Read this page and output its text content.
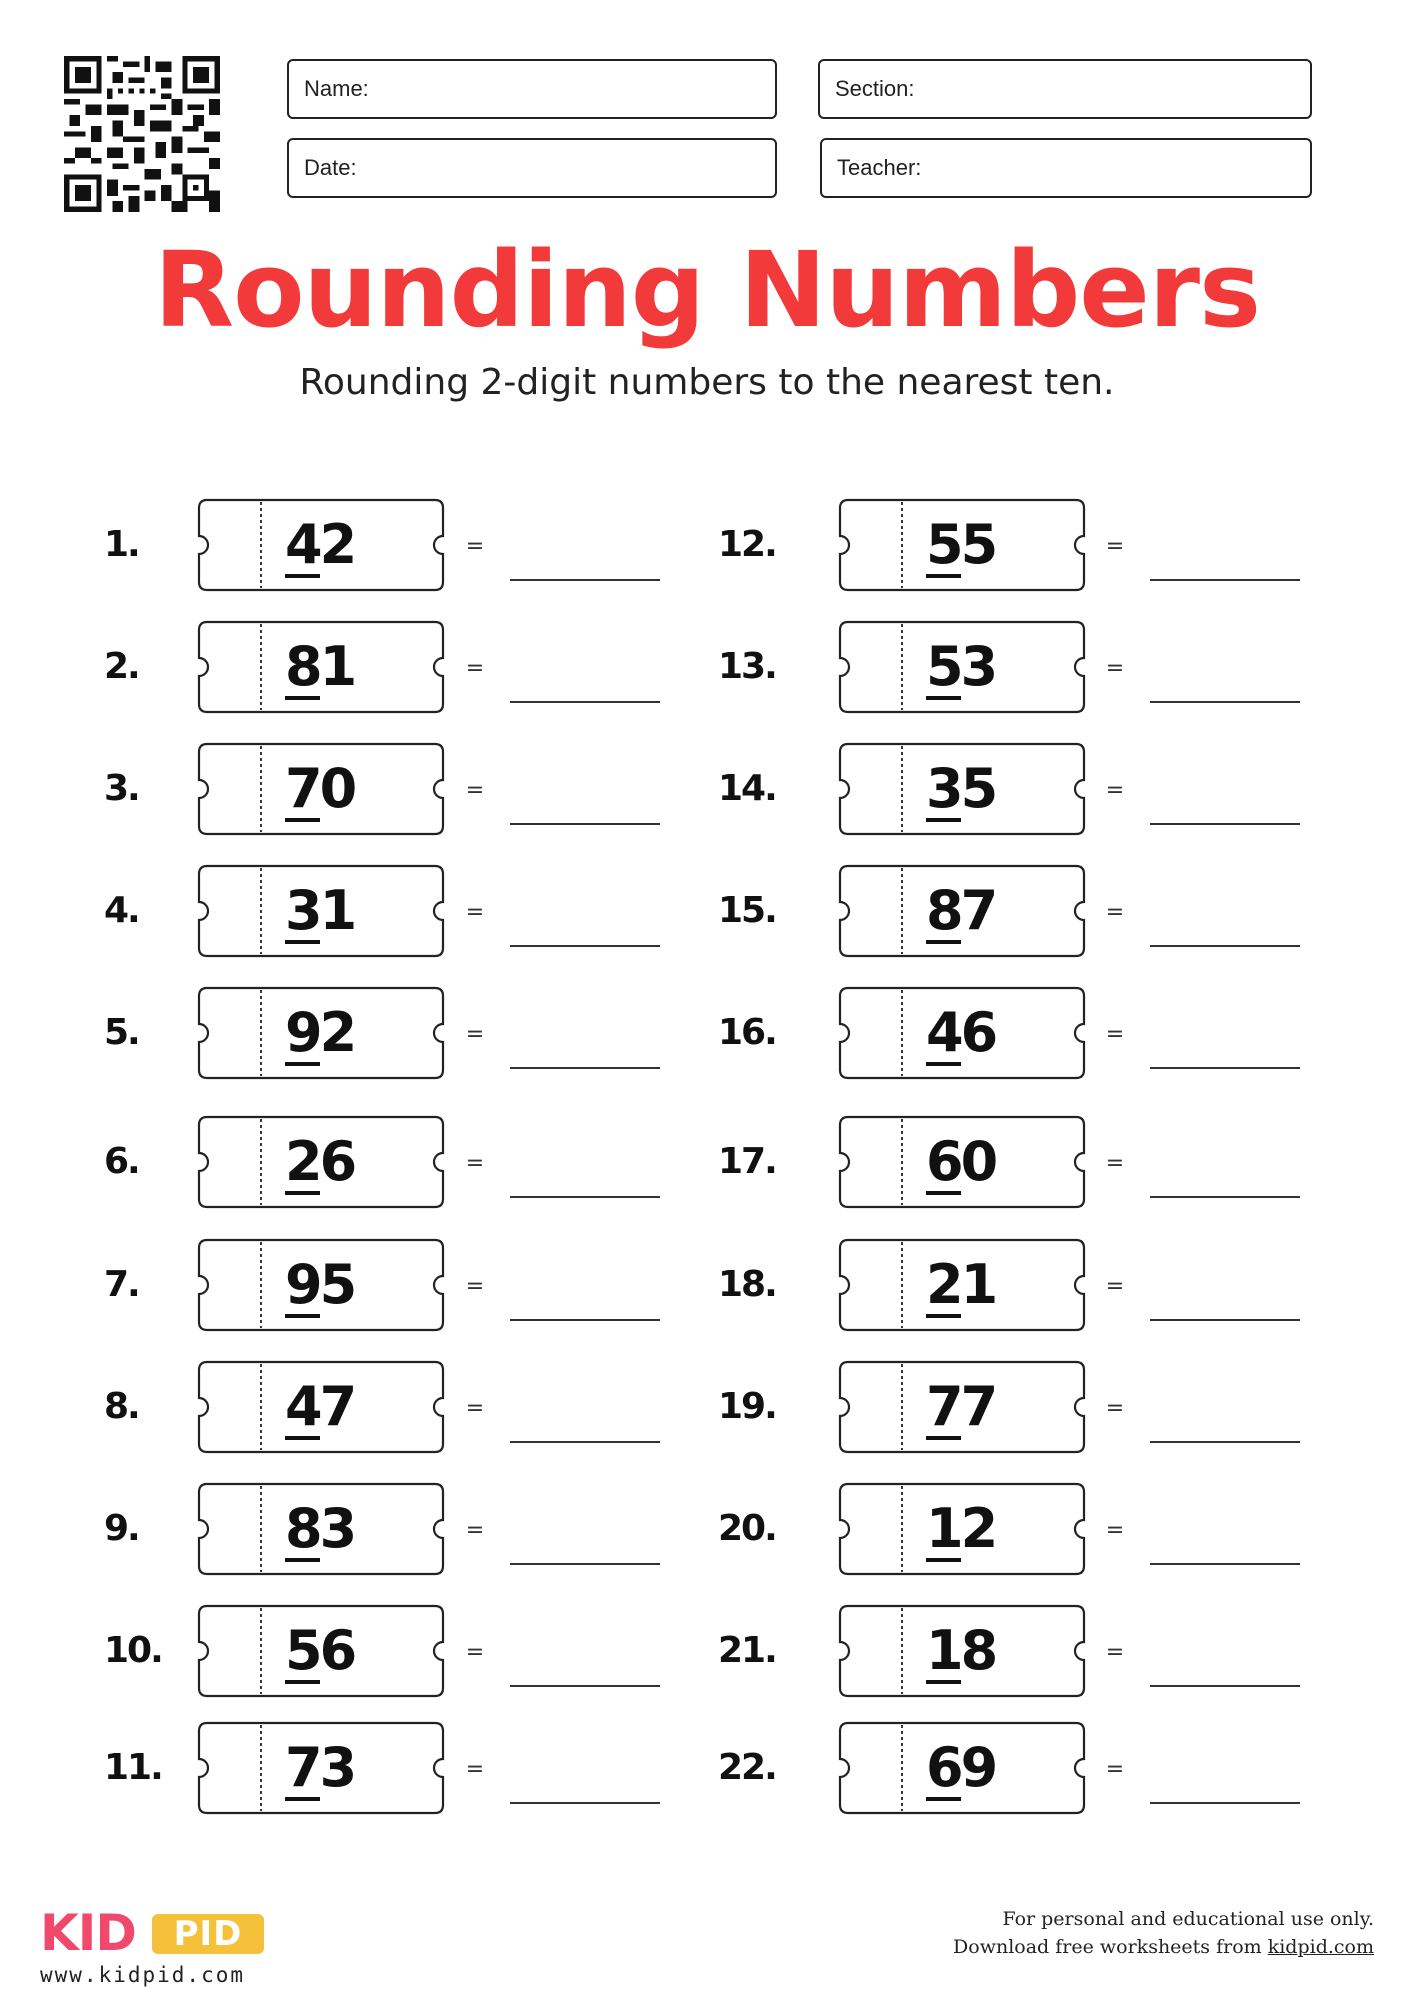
Name:	Section:
Date:	Teacher:
Rounding Numbers
Rounding 2-digit numbers to the nearest ten.
1.	42	=
2.	81	=
3.	70	=
4.	31	=
5.	92	=
6.	26	=
7.	95	=
8.	47	=
9.	83	=
10.	56	=
11.	73	=
12.	55	=
13.	53	=
14.	35	=
15.	87	=
16.	46	=
17.	60	=
18.	21	=
19.	77	=
20.	12	=
21.	18	=
22.	69	=
KID	PID
www.kidpid.com
For personal and educational use only.
Download free worksheets from kidpid.com
